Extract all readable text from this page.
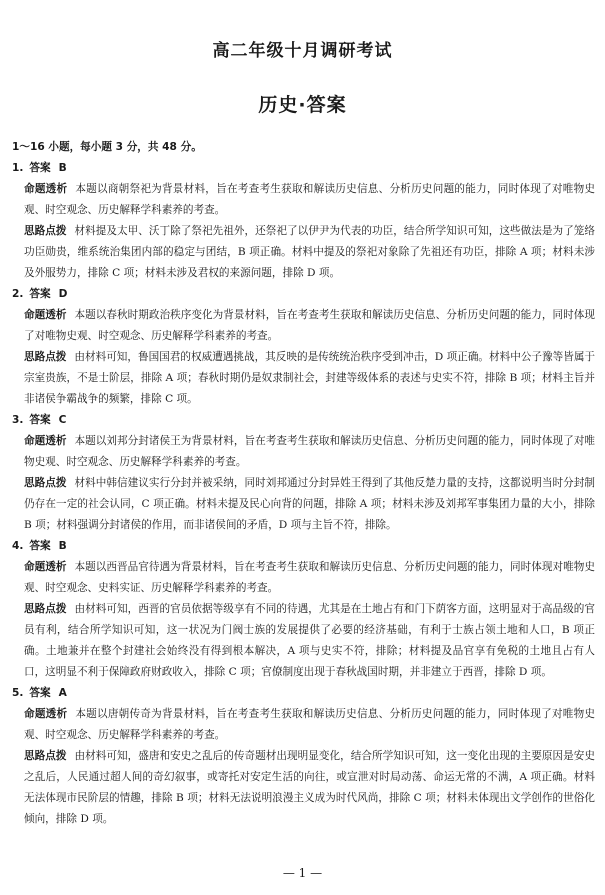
高二年级十月调研考试
历史·答案
1～16 小题，每小题 3 分，共 48 分。
1. 答案 B
命题透析 本题以商朝祭祀为背景材料，旨在考查考生获取和解读历史信息、分析历史问题的能力，同时体现了对唯物史观、时空观念、历史解释学科素养的考查。
思路点拨 材料提及太甲、沃丁除了祭祀先祖外，还祭祀了以伊尹为代表的功臣，结合所学知识可知，这些做法是为了笼络功臣勋贵，维系统治集团内部的稳定与团结，B 项正确。材料中提及的祭祀对象除了先祖还有功臣，排除 A 项；材料未涉及外服势力，排除 C 项；材料未涉及君权的来源问题，排除 D 项。
2. 答案 D
命题透析 本题以春秋时期政治秩序变化为背景材料，旨在考查考生获取和解读历史信息、分析历史问题的能力，同时体现了对唯物史观、时空观念、历史解释学科素养的考查。
思路点拨 由材料可知，鲁国国君的权威遭遇挑战，其反映的是传统统治秩序受到冲击，D 项正确。材料中公子豫等皆属于宗室贵族，不是士阶层，排除 A 项；春秋时期仍是奴隶制社会，封建等级体系的表述与史实不符，排除 B 项；材料主旨并非诸侯争霸战争的频繁，排除 C 项。
3. 答案 C
命题透析 本题以刘邦分封诸侯王为背景材料，旨在考查考生获取和解读历史信息、分析历史问题的能力，同时体现了对唯物史观、时空观念、历史解释学科素养的考查。
思路点拨 材料中韩信建议实行分封并被采纳，同时刘邦通过分封异姓王得到了其他反楚力量的支持，这都说明当时分封制仍存在一定的社会认同，C 项正确。材料未提及民心向背的问题，排除 A 项；材料未涉及刘邦军事集团力量的大小，排除 B 项；材料强调分封诸侯的作用，而非诸侯间的矛盾，D 项与主旨不符，排除。
4. 答案 B
命题透析 本题以西晋品官待遇为背景材料，旨在考查考生获取和解读历史信息、分析历史问题的能力，同时体现对唯物史观、时空观念、史料实证、历史解释学科素养的考查。
思路点拨 由材料可知，西晋的官员依据等级享有不同的待遇，尤其是在土地占有和门下荫客方面，这明显对于高品级的官员有利，结合所学知识可知，这一状况为门阀士族的发展提供了必要的经济基础，有利于士族占领土地和人口，B 项正确。土地兼并在整个封建社会始终没有得到根本解决，A 项与史实不符，排除；材料提及品官享有免税的土地且占有人口，这明显不利于保障政府财政收入，排除 C 项；官僚制度出现于春秋战国时期，并非建立于西晋，排除 D 项。
5. 答案 A
命题透析 本题以唐朝传奇为背景材料，旨在考查考生获取和解读历史信息、分析历史问题的能力，同时体现了对唯物史观、时空观念、历史解释学科素养的考查。
思路点拨 由材料可知，盛唐和安史之乱后的传奇题材出现明显变化，结合所学知识可知，这一变化出现的主要原因是安史之乱后，人民通过超人间的奇幻叙事，或寄托对安定生活的向往，或宣泄对时局动荡、命运无常的不满，A 项正确。材料无法体现市民阶层的情趣，排除 B 项；材料无法说明浪漫主义成为时代风尚，排除 C 项；材料未体现出文学创作的世俗化倾向，排除 D 项。
— 1 —
